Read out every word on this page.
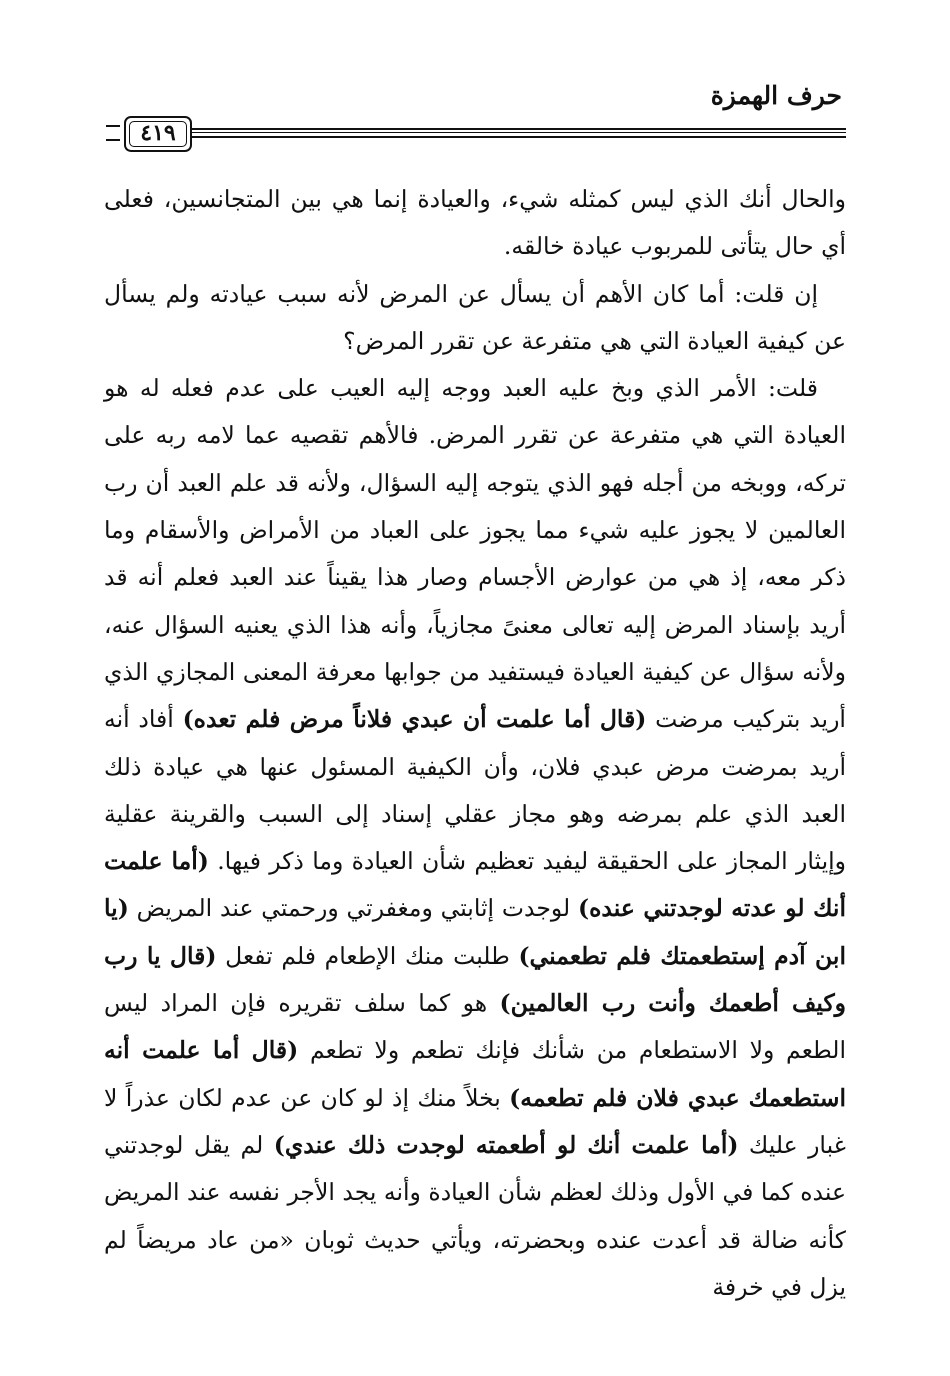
حرف الهمزة
٤١٩

والحال أنك الذي ليس كمثله شيء، والعيادة إنما هي بين المتجانسين، فعلى أي حال يتأتى للمربوب عيادة خالقه.

إن قلت: أما كان الأهم أن يسأل عن المرض لأنه سبب عيادته ولم يسأل عن كيفية العيادة التي هي متفرعة عن تقرر المرض؟

قلت: الأمر الذي وبخ عليه العبد ووجه إليه العيب على عدم فعله له هو العيادة التي هي متفرعة عن تقرر المرض. فالأهم تقصيه عما لامه ربه على تركه، ووبخه من أجله فهو الذي يتوجه إليه السؤال، ولأنه قد علم العبد أن رب العالمين لا يجوز عليه شيء مما يجوز على العباد من الأمراض والأسقام وما ذكر معه، إذ هي من عوارض الأجسام وصار هذا يقيناً عند العبد فعلم أنه قد أريد بإسناد المرض إليه تعالى معنىً مجازياً، وأنه هذا الذي يعنيه السؤال عنه، ولأنه سؤال عن كيفية العيادة فيستفيد من جوابها معرفة المعنى المجازي الذي أريد بتركيب مرضت (قال أما علمت أن عبدي فلاناً مرض فلم تعده) أفاد أنه أريد بمرضت مرض عبدي فلان، وأن الكيفية المسئول عنها هي عيادة ذلك العبد الذي علم بمرضه وهو مجاز عقلي إسناد إلى السبب والقرينة عقلية وإيثار المجاز على الحقيقة ليفيد تعظيم شأن العيادة وما ذكر فيها. (أما علمت أنك لو عدته لوجدتني عنده) لوجدت إثابتي ومغفرتي ورحمتي عند المريض (يا ابن آدم إستطعمتك فلم تطعمني) طلبت منك الإطعام فلم تفعل (قال يا رب وكيف أطعمك وأنت رب العالمين) هو كما سلف تقريره فإن المراد ليس الطعم ولا الاستطعام من شأنك فإنك تطعم ولا تطعم (قال أما علمت أنه استطعمك عبدي فلان فلم تطعمه) بخلاً منك إذ لو كان عن عدم لكان عذراً لا غبار عليك (أما علمت أنك لو أطعمته لوجدت ذلك عندي) لم يقل لوجدتني عنده كما في الأول وذلك لعظم شأن العيادة وأنه يجد الأجر نفسه عند المريض كأنه ضالة قد أعدت عنده وبحضرته، ويأتي حديث ثوبان «من عاد مريضاً لم يزل في خرفة
